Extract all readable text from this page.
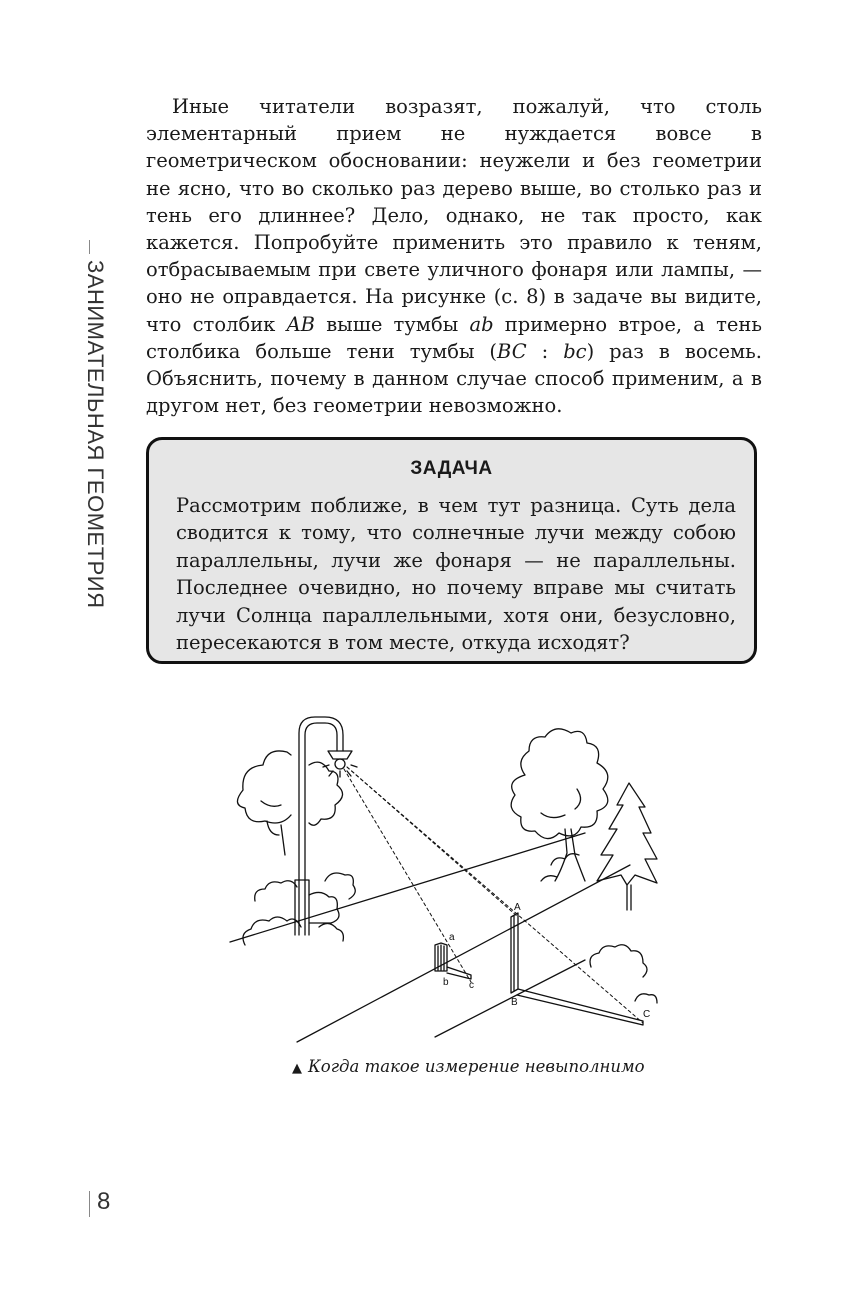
ЗАНИМАТЕЛЬНАЯ ГЕОМЕТРИЯ

Иные читатели возразят, пожалуй, что столь элементарный прием не нуждается вовсе в геометрическом обосновании: неужели и без геометрии не ясно, что во сколько раз дерево выше, во столько раз и тень его длиннее? Дело, однако, не так просто, как кажется. Попробуйте применить это правило к теням, отбрасываемым при свете уличного фонаря или лампы, — оно не оправдается. На рисунке (с. 8) в задаче вы видите, что столбик AB выше тумбы ab примерно втрое, а тень столбика больше тени тумбы (BC : bc) раз в восемь. Объяснить, почему в данном случае способ применим, а в другом нет, без геометрии невозможно.

ЗАДАЧА

Рассмотрим поближе, в чем тут разница. Суть дела сводится к тому, что солнечные лучи между собою параллельны, лучи же фонаря — не параллельны. Последнее очевидно, но почему вправе мы считать лучи Солнца параллельными, хотя они, безусловно, пересекаются в том месте, откуда исходят?

a
b c
A
B
C
▲ Когда такое измерение невыполнимо
8
